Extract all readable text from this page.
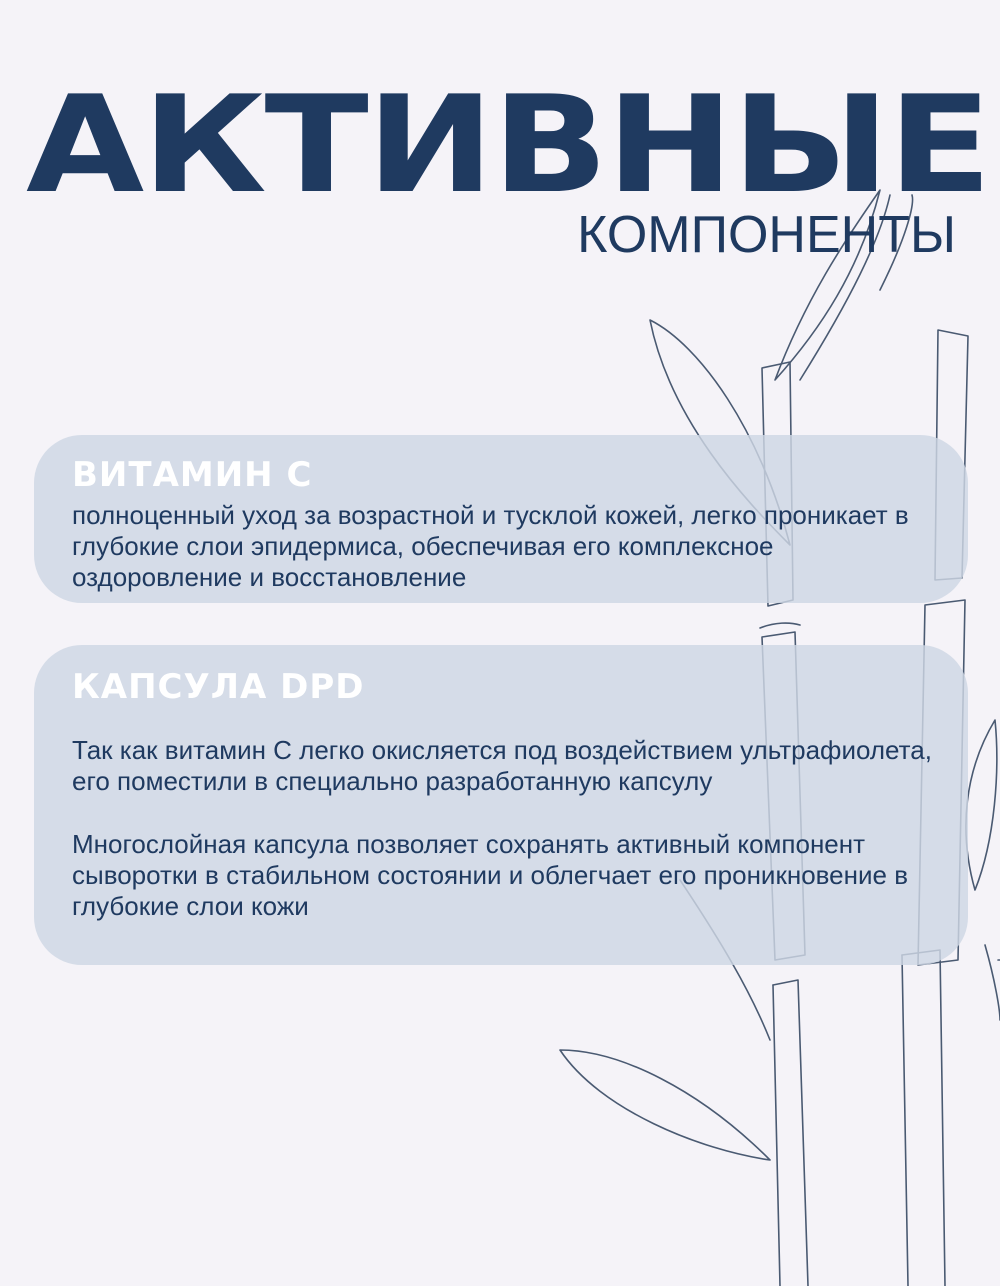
АКТИВНЫЕ
КОМПОНЕНТЫ
ВИТАМИН С

полноценный уход за возрастной и тусклой кожей, легко проникает в глубокие слои эпидермиса, обеспечивая его комплексное оздоровление и восстановление

КАПСУЛА DPD

Так как витамин С легко окисляется под воздействием ультрафиолета, его поместили в специально разработанную капсулу

Многослойная капсула позволяет сохранять активный компонент сыворотки в стабильном состоянии и облегчает его проникновение в глубокие слои кожи
